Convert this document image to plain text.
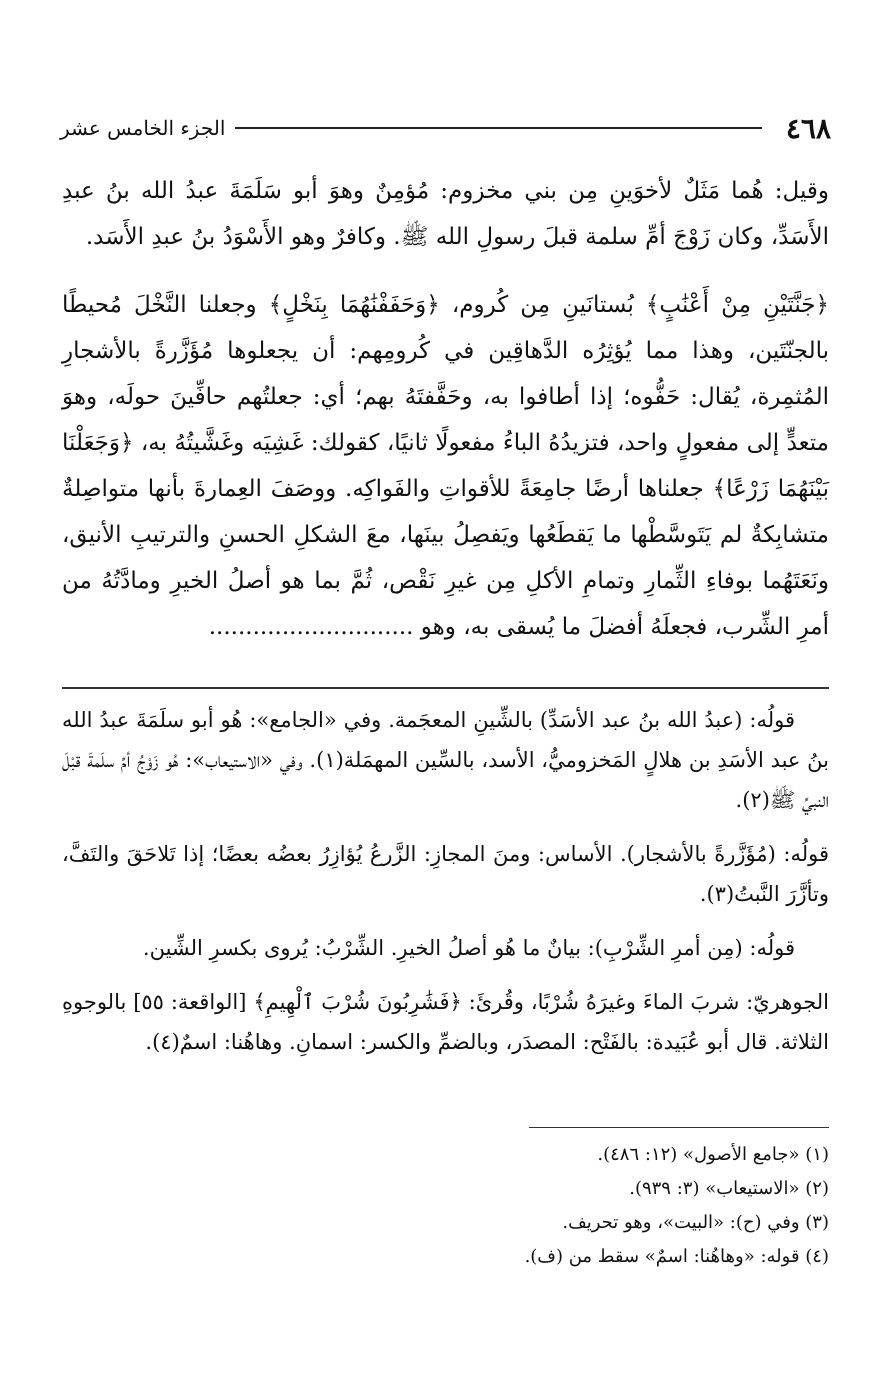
٤٦٨
الجزء الخامس عشر

وقيل: هُما مَثَلٌ لأخوَينِ مِن بني مخزوم: مُؤمِنٌ وهوَ أبو سَلَمَةَ عبدُ الله بنُ عبدِ الأَسَدِّ، وكان زَوْجَ أمِّ سلمة قبلَ رسولِ الله ﷺ. وكافرٌ وهو الأَسْوَدُ بنُ عبدِ الأَسَد.

﴿جَنَّتَيْنِ مِنْ أَعْنَٰبٍ﴾ بُستانَينِ مِن كُروم، ﴿وَحَفَفْنَٰهُمَا بِنَخْلٍ﴾ وجعلنا النَّخْلَ مُحيطًا بالجنّتَين، وهذا مما يُؤثِرُه الدَّهاقِين في كُرومِهم: أن يجعلوها مُؤَزَّرةً بالأشجارِ المُثمِرة، يُقال: حَفُّوه؛ إذا أطافوا به، وحَفَّفتَهُ بهم؛ أي: جعلتُهم حافِّينَ حولَه، وهوَ متعدٍّ إلى مفعولٍ واحد، فتزيدُهُ الباءُ مفعولًا ثانيًا، كقولك: غَشِيَه وغَشَّيتُهُ به، ﴿وَجَعَلْنَا بَيْنَهُمَا زَرْعًا﴾ جعلناها أرضًا جامِعَةً للأقواتِ والفَواكِه. ووصَفَ العِمارةَ بأنها متواصِلةٌ متشابِكةٌ لم يَتَوسَّطْها ما يَقطَعُها ويَفصِلُ بينَها، معَ الشكلِ الحسنِ والترتيبِ الأنيق، ونَعَتَهُما بوفاءِ الثِّمارِ وتمامِ الأكلِ مِن غيرِ نَقْص، ثُمَّ بما هو أصلُ الخيرِ ومادَّتُهُ من أمرِ الشِّرب، فجعلَهُ أفضلَ ما يُسقى به، وهو ............................

قولُه: (عبدُ الله بنُ عبد الأسَدِّ) بالشِّينِ المعجَمة. وفي «الجامع»: هُو أبو سلَمَةَ عبدُ الله بنُ عبد الأسَدِ بن هلالٍ المَخزوميُّ، الأسد، بالسِّين المهمَلة(١). وفي «الاستيعاب»: هُو زَوْجُ أمِّ سلَمةَ قبْلَ النبيِّ ﷺ(٢).

قولُه: (مُؤَزَّرةً بالأشجار). الأساس: ومنَ المجازِ: الزَّرعُ يُؤازِرُ بعضُه بعضًا؛ إذا تَلاحَقَ والتَفَّ، وتأزَّرَ النَّبتُ(٣).

قولُه: (مِن أمرِ الشِّرْبِ): بيانٌ ما هُو أصلُ الخيرِ. الشِّرْبُ: يُروى بكسرِ الشِّين.

الجوهريّ: شربَ الماءَ وغيرَهُ شُرْبًا، وقُرئَ: ﴿فَشَٰرِبُونَ شُرْبَ ٱلْهِيمِ﴾ [الواقعة: ٥٥] بالوجوهِ الثلاثة. قال أبو عُبَيدة: بالفَتْح: المصدَر، وبالضمِّ والكسر: اسمانِ. وهاهُنا: اسمٌ(٤).

(١) «جامع الأصول» (١٢: ٤٨٦).
(٢) «الاستيعاب» (٣: ٩٣٩).
(٣) وفي (ح): «البيت»، وهو تحريف.
(٤) قوله: «وهاهُنا: اسمٌ» سقط من (ف).
